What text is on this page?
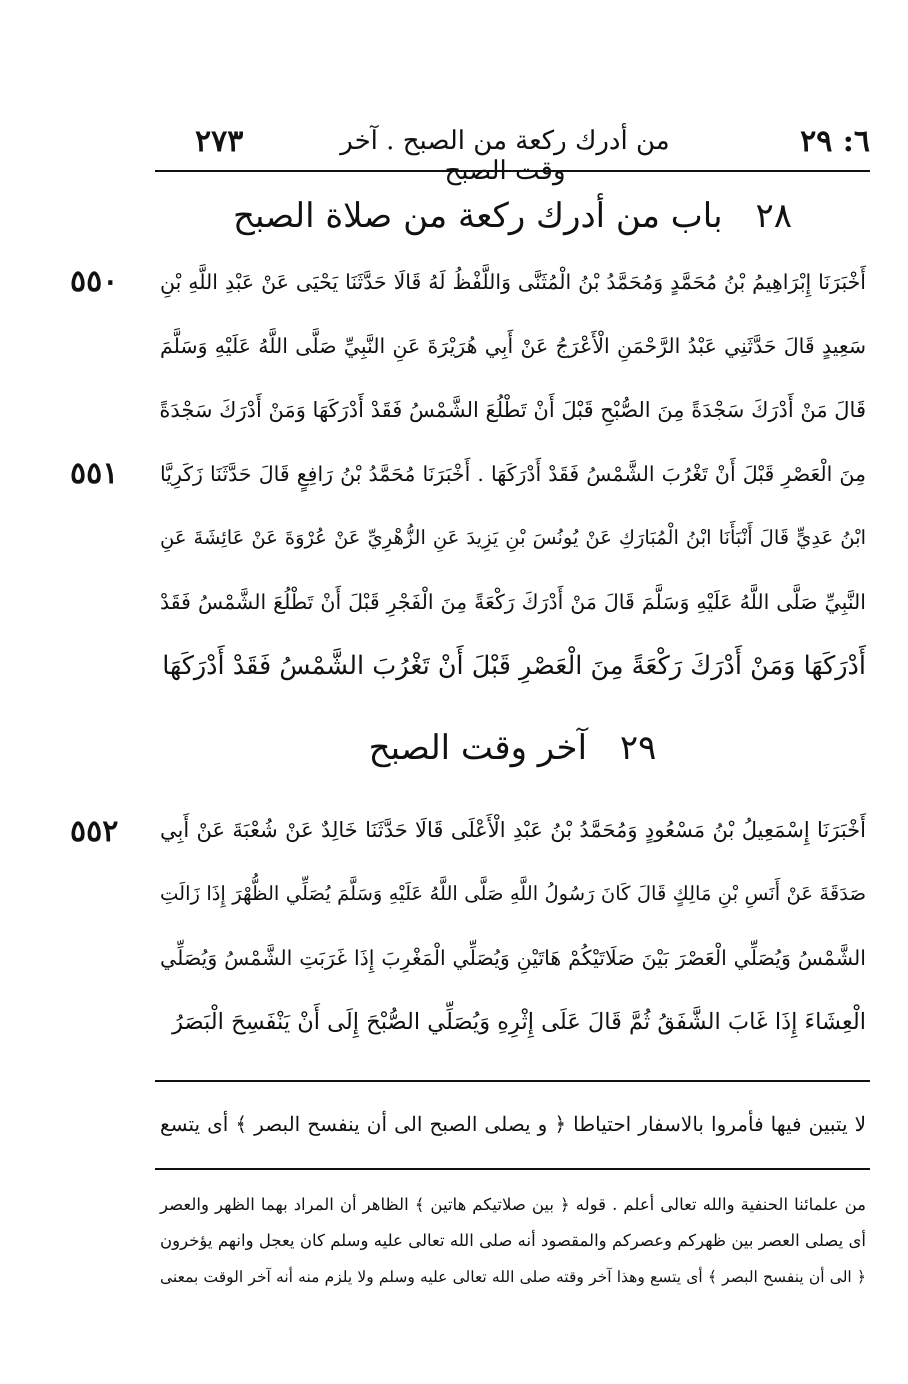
٦: ٢٩
من أدرك ركعة من الصبح . آخر وقت الصبح
٢٧٣
٢٨ باب من أدرك ركعة من صلاة الصبح
٥٥٠
٥٥١
أَخْبَرَنَا إِبْرَاهِيمُ بْنُ مُحَمَّدٍ وَمُحَمَّدُ بْنُ الْمُثَنَّى وَاللَّفْظُ لَهُ قَالَا حَدَّثَنَا يَحْيَى عَنْ عَبْدِ اللَّهِ بْنِ
سَعِيدٍ قَالَ حَدَّثَنِي عَبْدُ الرَّحْمَنِ الْأَعْرَجُ عَنْ أَبِي هُرَيْرَةَ عَنِ النَّبِيِّ صَلَّى اللَّهُ عَلَيْهِ وَسَلَّمَ
قَالَ مَنْ أَدْرَكَ سَجْدَةً مِنَ الصُّبْحِ قَبْلَ أَنْ تَطْلُعَ الشَّمْسُ فَقَدْ أَدْرَكَهَا وَمَنْ أَدْرَكَ سَجْدَةً
مِنَ الْعَصْرِ قَبْلَ أَنْ تَغْرُبَ الشَّمْسُ فَقَدْ أَدْرَكَهَا . أَخْبَرَنَا مُحَمَّدُ بْنُ رَافِعٍ قَالَ حَدَّثَنَا زَكَرِيَّا
ابْنُ عَدِيٍّ قَالَ أَنْبَأَنَا ابْنُ الْمُبَارَكِ عَنْ يُونُسَ بْنِ يَزِيدَ عَنِ الزُّهْرِيِّ عَنْ عُرْوَةَ عَنْ عَائِشَةَ عَنِ
النَّبِيِّ صَلَّى اللَّهُ عَلَيْهِ وَسَلَّمَ قَالَ مَنْ أَدْرَكَ رَكْعَةً مِنَ الْفَجْرِ قَبْلَ أَنْ تَطْلُعَ الشَّمْسُ فَقَدْ
أَدْرَكَهَا وَمَنْ أَدْرَكَ رَكْعَةً مِنَ الْعَصْرِ قَبْلَ أَنْ تَغْرُبَ الشَّمْسُ فَقَدْ أَدْرَكَهَا
٢٩ آخر وقت الصبح
٥٥٢	أَخْبَرَنَا إِسْمَعِيلُ بْنُ مَسْعُودٍ وَمُحَمَّدُ بْنُ عَبْدِ الْأَعْلَى قَالَا حَدَّثَنَا خَالِدٌ عَنْ شُعْبَةَ عَنْ أَبِي
صَدَقَةَ عَنْ أَنَسِ بْنِ مَالِكٍ قَالَ كَانَ رَسُولُ اللَّهِ صَلَّى اللَّهُ عَلَيْهِ وَسَلَّمَ يُصَلِّي الظُّهْرَ إِذَا زَالَتِ
الشَّمْسُ وَيُصَلِّي الْعَصْرَ بَيْنَ صَلَاتَيْكُمْ هَاتَيْنِ وَيُصَلِّي الْمَغْرِبَ إِذَا غَرَبَتِ الشَّمْسُ وَيُصَلِّي
الْعِشَاءَ إِذَا غَابَ الشَّفَقُ ثُمَّ قَالَ عَلَى إِثْرِهِ وَيُصَلِّي الصُّبْحَ إِلَى أَنْ يَنْفَسِحَ الْبَصَرُ
لا يتبين فيها فأمروا بالاسفار احتياطا ﴿ و يصلى الصبح الى أن ينفسح البصر ﴾ أى يتسع
من علمائنا الحنفية والله تعالى أعلم . قوله ﴿ بين صلاتيكم هاتين ﴾ الظاهر أن المراد بهما الظهر والعصر
أى يصلى العصر بين ظهركم وعصركم والمقصود أنه صلى الله تعالى عليه وسلم كان يعجل وانهم يؤخرون
﴿ الى أن ينفسح البصر ﴾ أى يتسع وهذا آخر وقته صلى الله تعالى عليه وسلم ولا يلزم منه أنه آخر الوقت بمعنى
